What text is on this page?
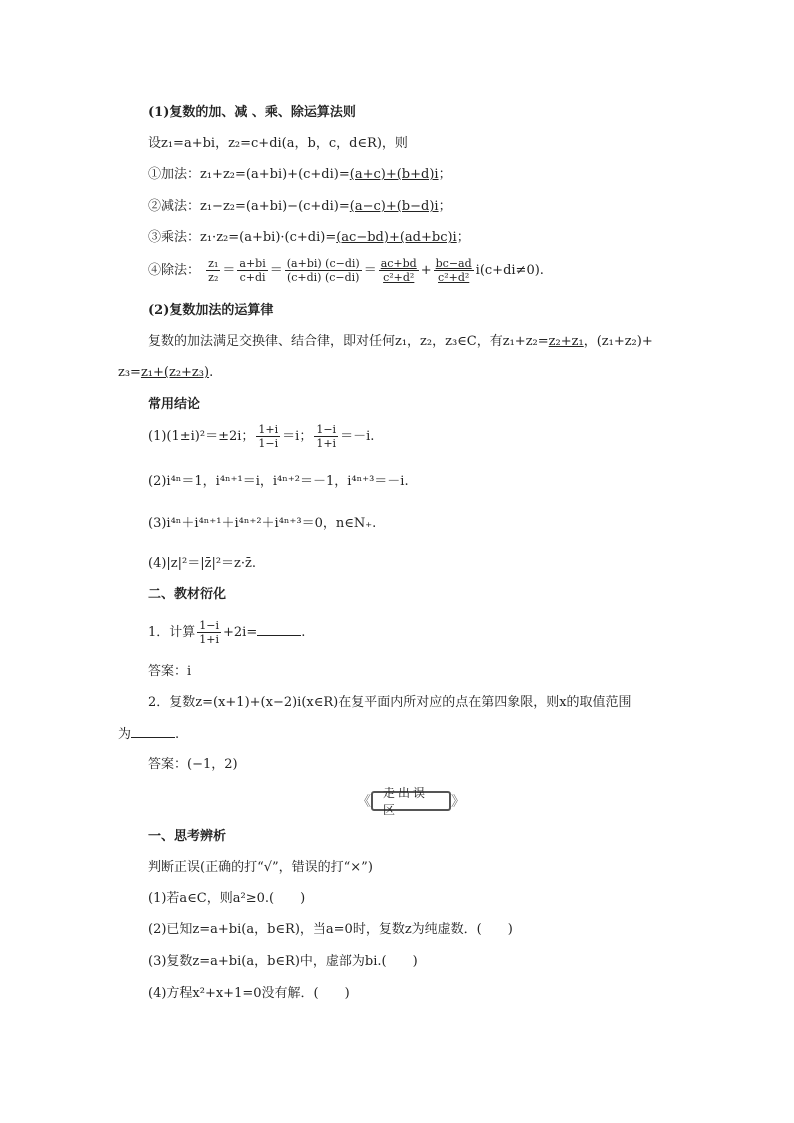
(1)复数的加、减 、乘、除运算法则
设z₁=a+bi，z₂=c+di(a，b，c，d∈R)，则
①加法：z₁+z₂=(a+bi)+(c+di)=(a+c)+(b+d)i；
②减法：z₁−z₂=(a+bi)−(c+di)=(a−c)+(b−d)i；
③乘法：z₁·z₂=(a+bi)·(c+di)=(ac−bd)+(ad+bc)i；
④除法： $\frac{\text{z₁}}{\text{z₂}} = \frac{a+bi}{c+di} = \frac{(a+bi) (c-di)}{(c+di) (c-di)} = \frac{ac+bd}{\text{c²+d²}} + \frac{bc-ad}{\text{c²+d²}} i(c+di\ne 0)$.
(2)复数加法的运算律
复数的加法满足交换律、结合律，即对任何z₁，z₂，z₃∈C，有z₁+z₂=z₂+z₁，(z₁+z₂)+
z₃=z₁+(z₂+z₃).
常用结论
(1)(1±i)²＝±2i； $\frac{1+i}{1-i} =i$； $\frac{1-i}{1+i} =-i$.
(2)i⁴ⁿ＝1，i⁴ⁿ⁺¹＝i，i⁴ⁿ⁺²＝－1，i⁴ⁿ⁺³＝－i.
(3)i⁴ⁿ＋i⁴ⁿ⁺¹＋i⁴ⁿ⁺²＋i⁴ⁿ⁺³＝0，n∈N₊.
(4)|z|²＝|z̄|²＝z·z̄.
二、教材衍化
1．计算 $\frac{1-i}{1+i} +2i=$	.
答案：i
2．复数z=(x+1)+(x−2)i(x∈R)在复平面内所对应的点在第四象限，则x的取值范围
为	.
答案：(−1，2)
《
走出误区	》
一、思考辨析
判断正误(正确的打“√”，错误的打“×”)
(1)若a∈C，则a²≥0.(　　)
(2)已知z=a+bi(a，b∈R)，当a=0时，复数z为纯虚数．(　　)
(3)复数z=a+bi(a，b∈R)中，虚部为bi.(　　)
(4)方程x²+x+1=0没有解．(　　)
